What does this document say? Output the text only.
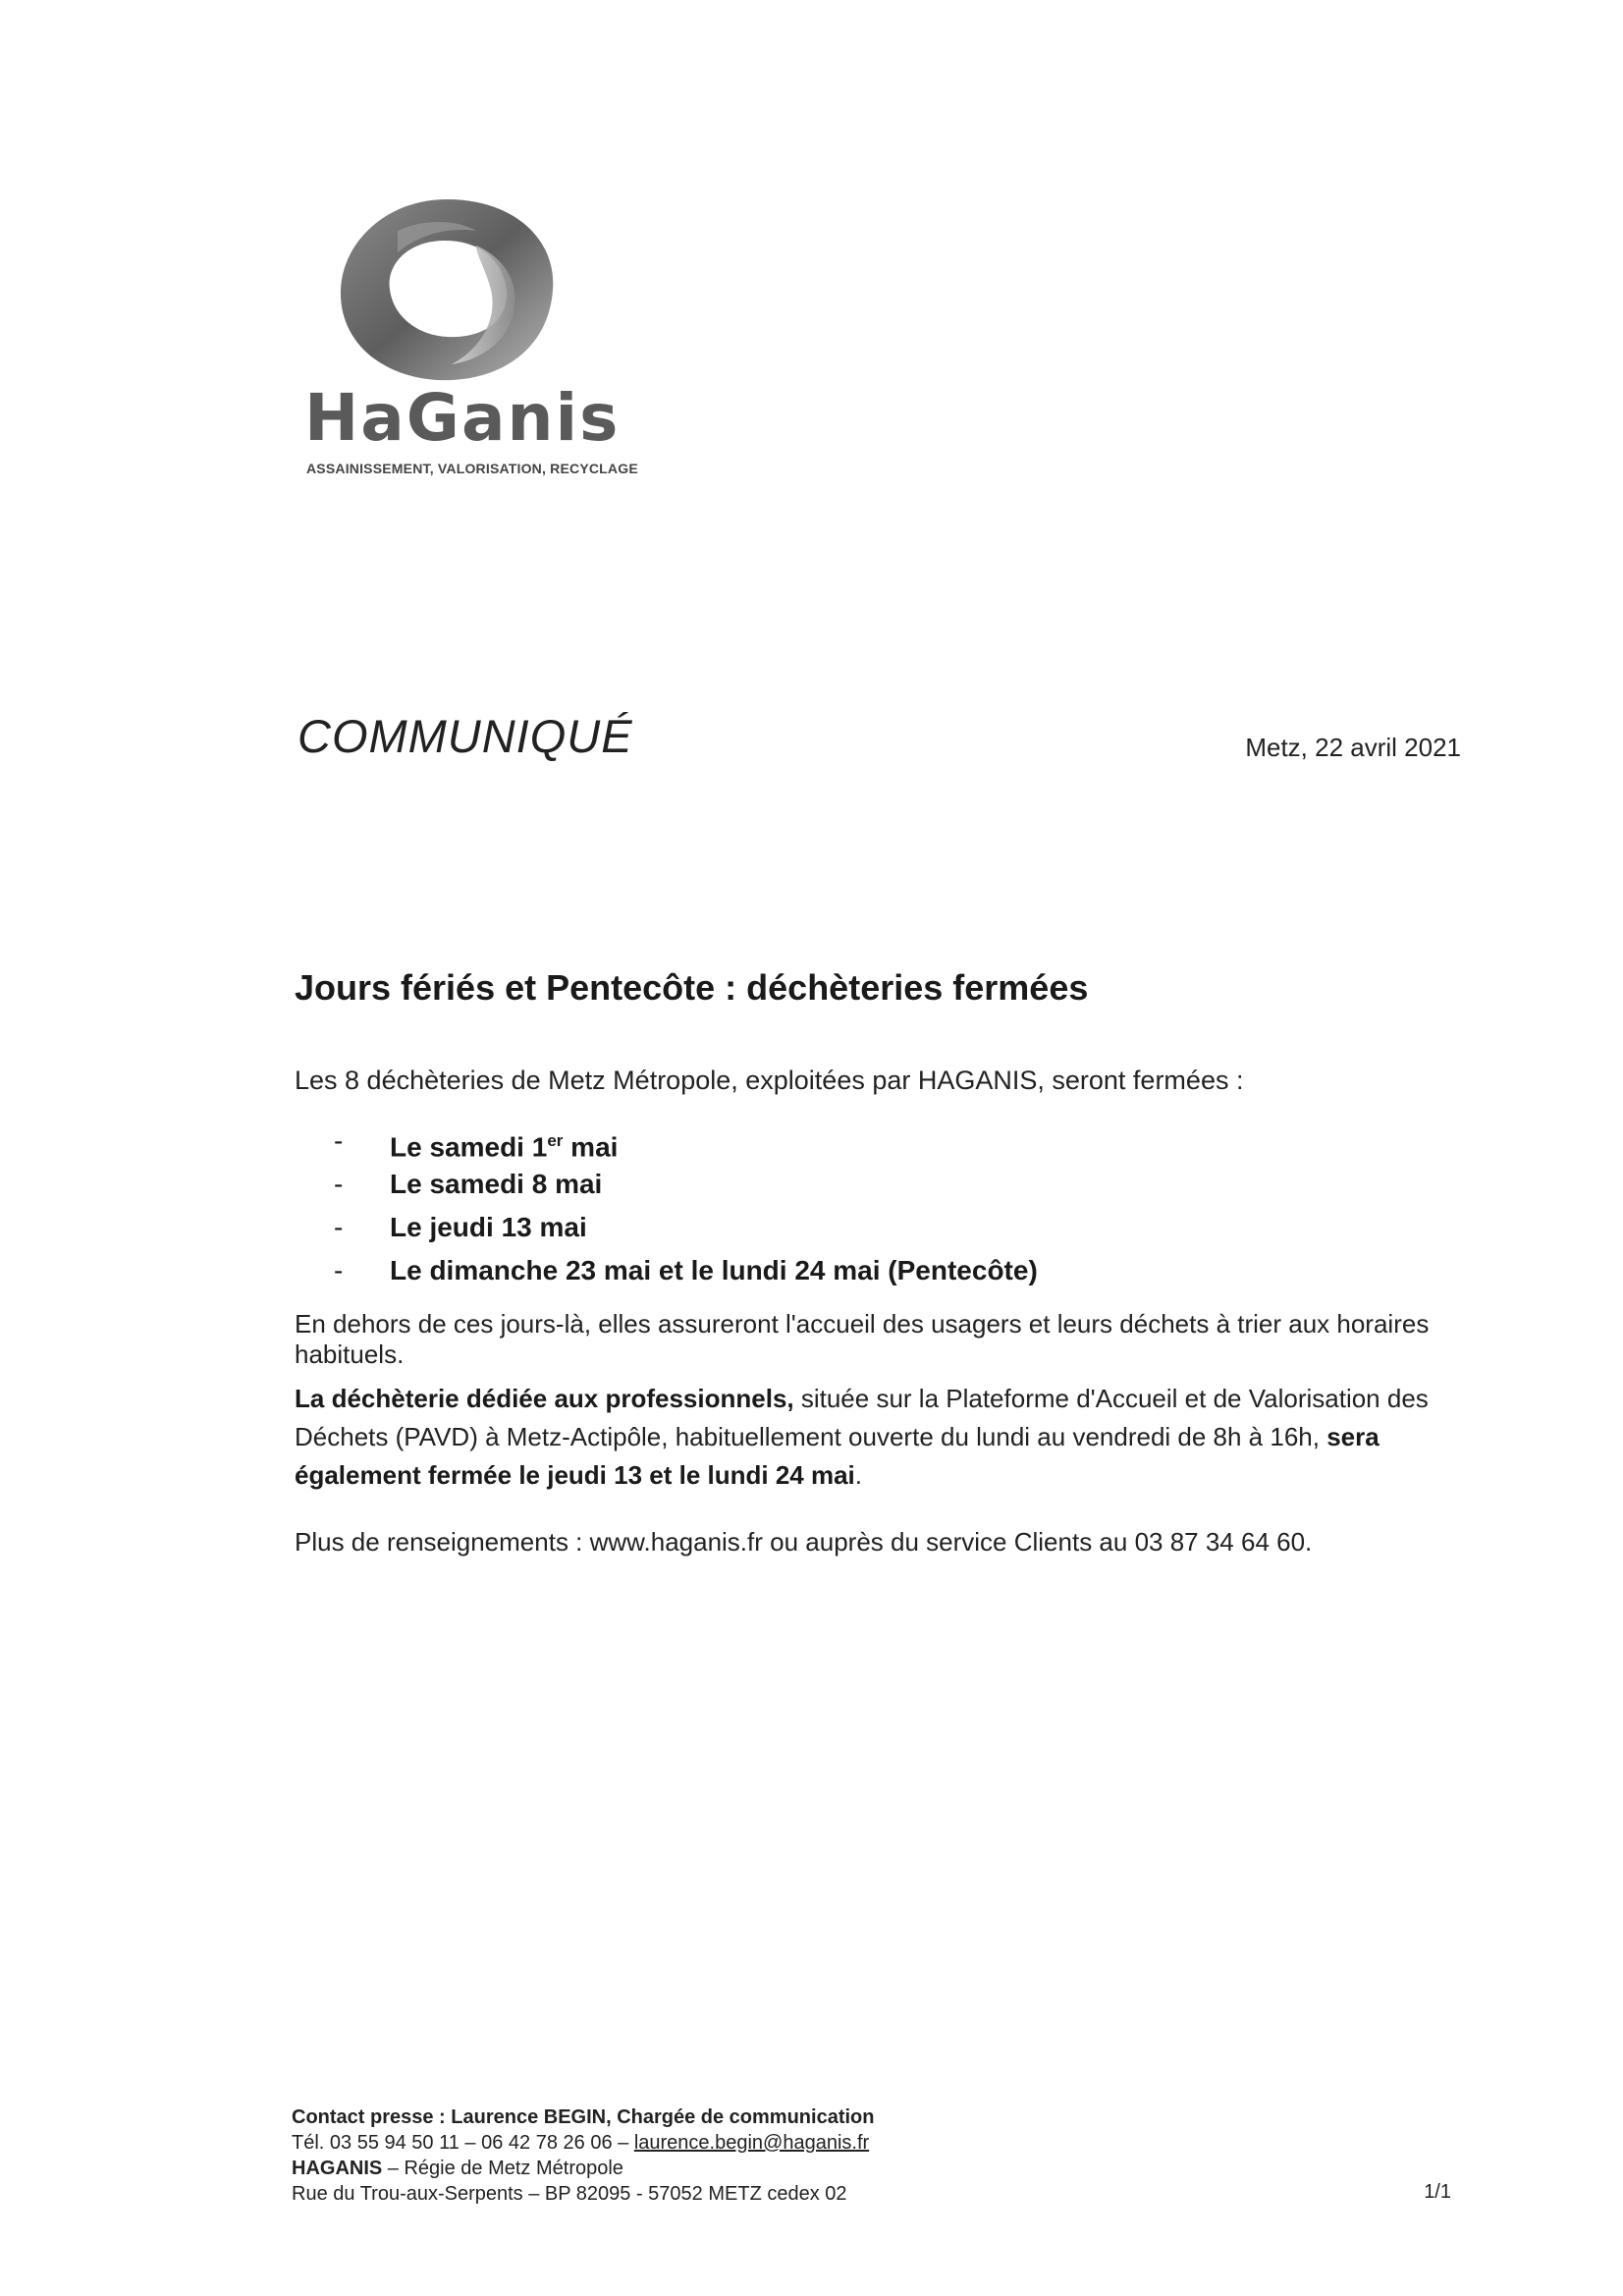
HaGanis
ASSAINISSEMENT, VALORISATION, RECYCLAGE
COMMUNIQUÉ	Metz, 22 avril 2021
Jours fériés et Pentecôte : déchèteries fermées
Les 8 déchèteries de Metz Métropole, exploitées par HAGANIS, seront fermées :
- Le samedi 1er mai
- Le samedi 8 mai
- Le jeudi 13 mai
- Le dimanche 23 mai et le lundi 24 mai (Pentecôte)
En dehors de ces jours-là, elles assureront l'accueil des usagers et leurs déchets à trier aux horaires habituels.
La déchèterie dédiée aux professionnels, située sur la Plateforme d'Accueil et de Valorisation des Déchets (PAVD) à Metz-Actipôle, habituellement ouverte du lundi au vendredi de 8h à 16h, sera également fermée le jeudi 13 et le lundi 24 mai.
Plus de renseignements : www.haganis.fr ou auprès du service Clients au 03 87 34 64 60.
Contact presse : Laurence BEGIN, Chargée de communication
Tél. 03 55 94 50 11 – 06 42 78 26 06 – laurence.begin@haganis.fr
HAGANIS – Régie de Metz Métropole
Rue du Trou-aux-Serpents – BP 82095 - 57052 METZ cedex 02	1/1
